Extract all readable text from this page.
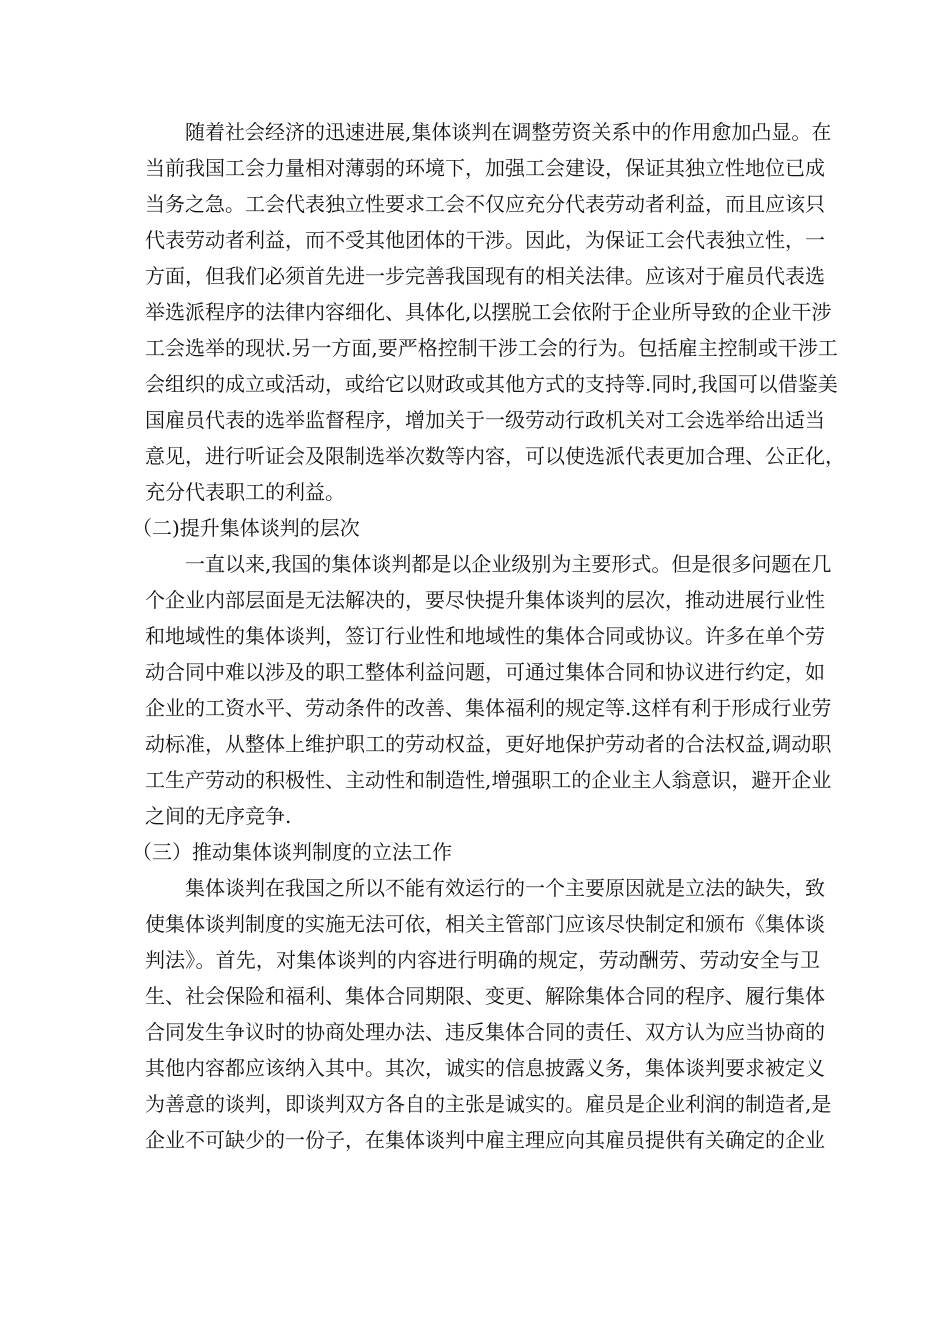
随着社会经济的迅速进展,集体谈判在调整劳资关系中的作用愈加凸显。在
当前我国工会力量相对薄弱的环境下，加强工会建设，保证其独立性地位已成
当务之急。工会代表独立性要求工会不仅应充分代表劳动者利益，而且应该只
代表劳动者利益，而不受其他团体的干涉。因此，为保证工会代表独立性，一
方面，但我们必须首先进一步完善我国现有的相关法律。应该对于雇员代表选
举选派程序的法律内容细化、具体化,以摆脱工会依附于企业所导致的企业干涉
工会选举的现状.另一方面,要严格控制干涉工会的行为。包括雇主控制或干涉工
会组织的成立或活动，或给它以财政或其他方式的支持等.同时,我国可以借鉴美
国雇员代表的选举监督程序，增加关于一级劳动行政机关对工会选举给出适当
意见，进行听证会及限制选举次数等内容，可以使选派代表更加合理、公正化，
充分代表职工的利益。
（二)提升集体谈判的层次
一直以来,我国的集体谈判都是以企业级别为主要形式。但是很多问题在几
个企业内部层面是无法解决的，要尽快提升集体谈判的层次，推动进展行业性
和地域性的集体谈判，签订行业性和地域性的集体合同或协议。许多在单个劳
动合同中难以涉及的职工整体利益问题，可通过集体合同和协议进行约定，如
企业的工资水平、劳动条件的改善、集体福利的规定等.这样有利于形成行业劳
动标准，从整体上维护职工的劳动权益，更好地保护劳动者的合法权益,调动职
工生产劳动的积极性、主动性和制造性,增强职工的企业主人翁意识，避开企业
之间的无序竞争.
（三）推动集体谈判制度的立法工作
集体谈判在我国之所以不能有效运行的一个主要原因就是立法的缺失，致
使集体谈判制度的实施无法可依，相关主管部门应该尽快制定和颁布《集体谈
判法》。首先，对集体谈判的内容进行明确的规定，劳动酬劳、劳动安全与卫
生、社会保险和福利、集体合同期限、变更、解除集体合同的程序、履行集体
合同发生争议时的协商处理办法、违反集体合同的责任、双方认为应当协商的
其他内容都应该纳入其中。其次，诚实的信息披露义务，集体谈判要求被定义
为善意的谈判，即谈判双方各自的主张是诚实的。雇员是企业利润的制造者,是
企业不可缺少的一份子，在集体谈判中雇主理应向其雇员提供有关确定的企业
